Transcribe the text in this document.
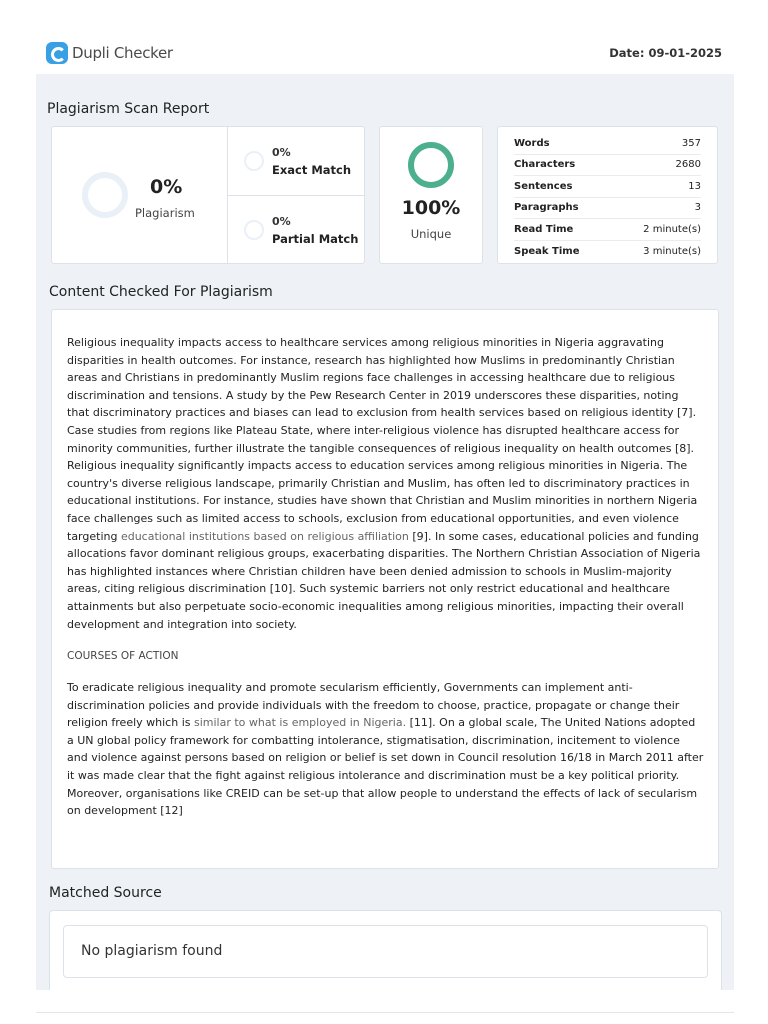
Dupli Checker	Date: 09-01-2025
Plagiarism Scan Report
0%
Plagiarism
0%
Exact Match
0%
Partial Match
100%
Unique
Words	357
Characters	2680
Sentences	13
Paragraphs	3
Read Time	2 minute(s)
Speak Time	3 minute(s)
Content Checked For Plagiarism

Religious inequality impacts access to healthcare services among religious minorities in Nigeria aggravating disparities in health outcomes. For instance, research has highlighted how Muslims in predominantly Christian areas and Christians in predominantly Muslim regions face challenges in accessing healthcare due to religious discrimination and tensions. A study by the Pew Research Center in 2019 underscores these disparities, noting that discriminatory practices and biases can lead to exclusion from health services based on religious identity [7]. Case studies from regions like Plateau State, where inter-religious violence has disrupted healthcare access for minority communities, further illustrate the tangible consequences of religious inequality on health outcomes [8]. Religious inequality significantly impacts access to education services among religious minorities in Nigeria. The country's diverse religious landscape, primarily Christian and Muslim, has often led to discriminatory practices in educational institutions. For instance, studies have shown that Christian and Muslim minorities in northern Nigeria face challenges such as limited access to schools, exclusion from educational opportunities, and even violence targeting educational institutions based on religious affiliation [9]. In some cases, educational policies and funding allocations favor dominant religious groups, exacerbating disparities. The Northern Christian Association of Nigeria has highlighted instances where Christian children have been denied admission to schools in Muslim-majority areas, citing religious discrimination [10]. Such systemic barriers not only restrict educational and healthcare attainments but also perpetuate socio-economic inequalities among religious minorities, impacting their overall development and integration into society.

COURSES OF ACTION

To eradicate religious inequality and promote secularism efficiently, Governments can implement anti-discrimination policies and provide individuals with the freedom to choose, practice, propagate or change their religion freely which is similar to what is employed in Nigeria. [11]. On a global scale, The United Nations adopted a UN global policy framework for combatting intolerance, stigmatisation, discrimination, incitement to violence and violence against persons based on religion or belief is set down in Council resolution 16/18 in March 2011 after it was made clear that the fight against religious intolerance and discrimination must be a key political priority. Moreover, organisations like CREID can be set-up that allow people to understand the effects of lack of secularism on development [12]

Matched Source
No plagiarism found
